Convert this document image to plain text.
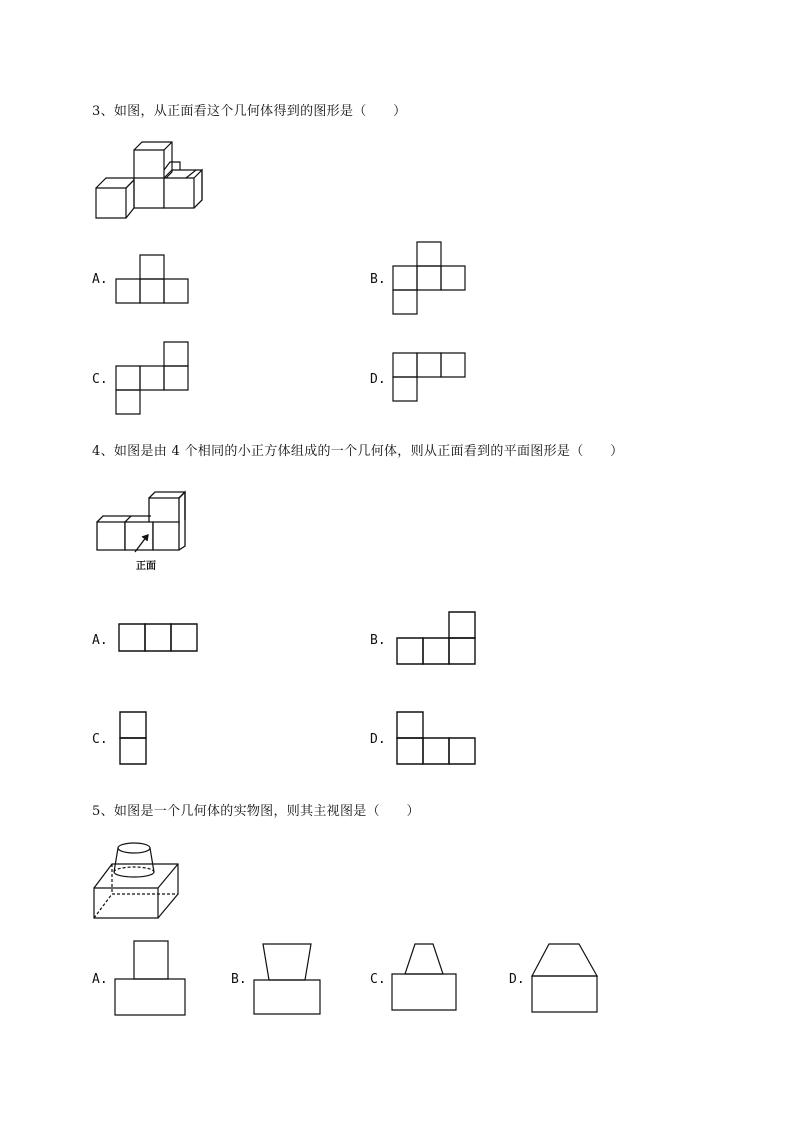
3、如图，从正面看这个几何体得到的图形是（　　）
A.	B.
C.	D.
4、如图是由 4 个相同的小正方体组成的一个几何体，则从正面看到的平面图形是（　　）
正面
A.	B.
C.	D.
5、如图是一个几何体的实物图，则其主视图是（　　）
A.	B.	C.	D.
